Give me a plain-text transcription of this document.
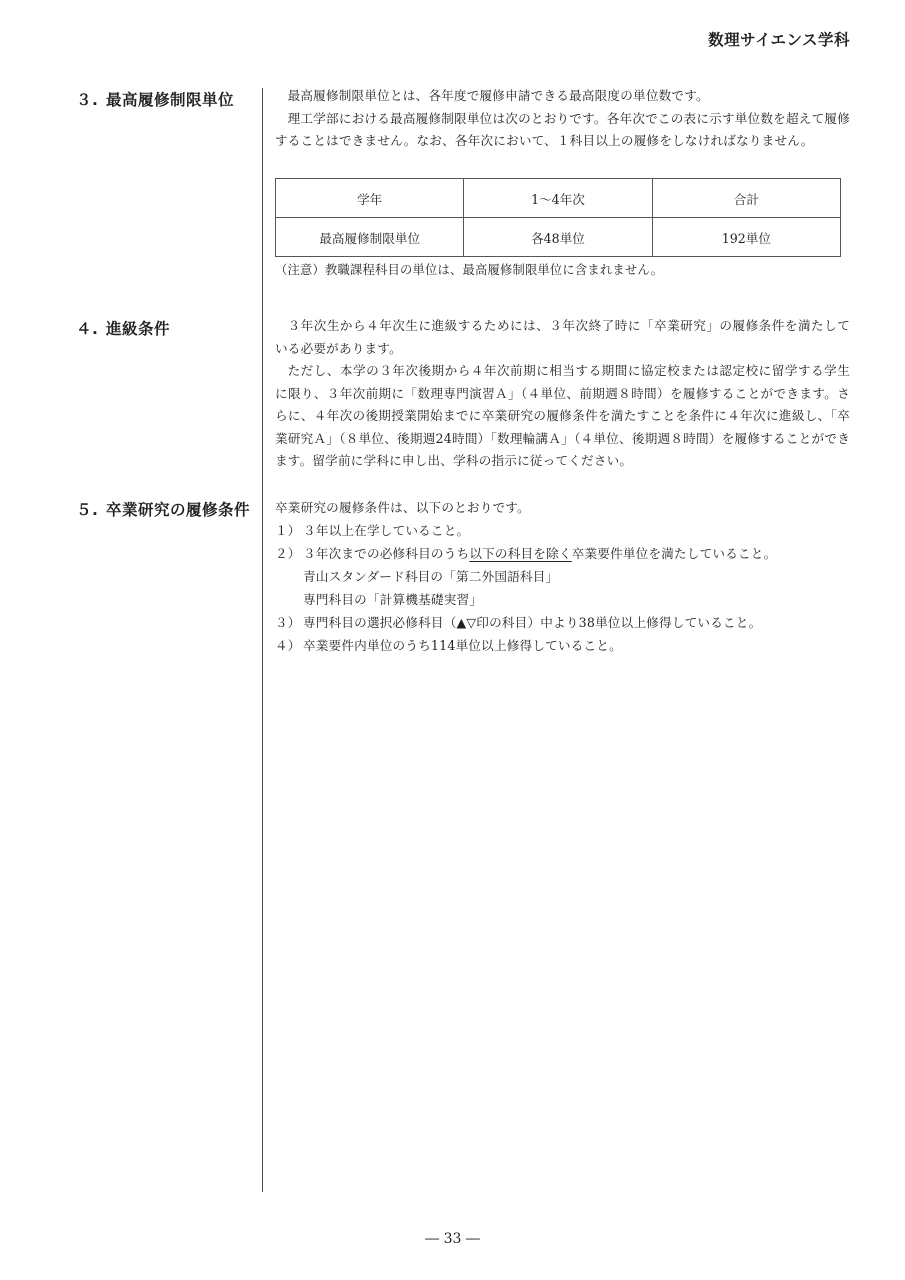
数理サイエンス学科
３. 最高履修制限単位	最高履修制限単位とは、各年度で履修申請できる最高限度の単位数です。

理工学部における最高履修制限単位は次のとおりです。各年次でこの表に示す単位数を超えて履修することはできません。なお、各年次において、１科目以上の履修をしなければなりません。

学年	1～4年次	合計
最高履修制限単位	各48単位	192単位
（注意）教職課程科目の単位は、最高履修制限単位に含まれません。
４. 進級条件	３年次生から４年次生に進級するためには、３年次終了時に「卒業研究」の履修条件を満たしている必要があります。

ただし、本学の３年次後期から４年次前期に相当する期間に協定校または認定校に留学する学生に限り、３年次前期に「数理専門演習Ａ」（４単位、前期週８時間）を履修することができます。さらに、４年次の後期授業開始までに卒業研究の履修条件を満たすことを条件に４年次に進級し、「卒業研究Ａ」（８単位、後期週24時間）「数理輪講Ａ」（４単位、後期週８時間）を履修することができます。留学前に学科に申し出、学科の指示に従ってください。

５. 卒業研究の履修条件 卒業研究の履修条件は、以下のとおりです。
１） ３年以上在学していること。
２） ３年次までの必修科目のうち以下の科目を除く卒業要件単位を満たしていること。
青山スタンダード科目の「第二外国語科目」
専門科目の「計算機基礎実習」
３） 専門科目の選択必修科目（▲▽印の科目）中より38単位以上修得していること。
４） 卒業要件内単位のうち114単位以上修得していること。
― 33 ―
